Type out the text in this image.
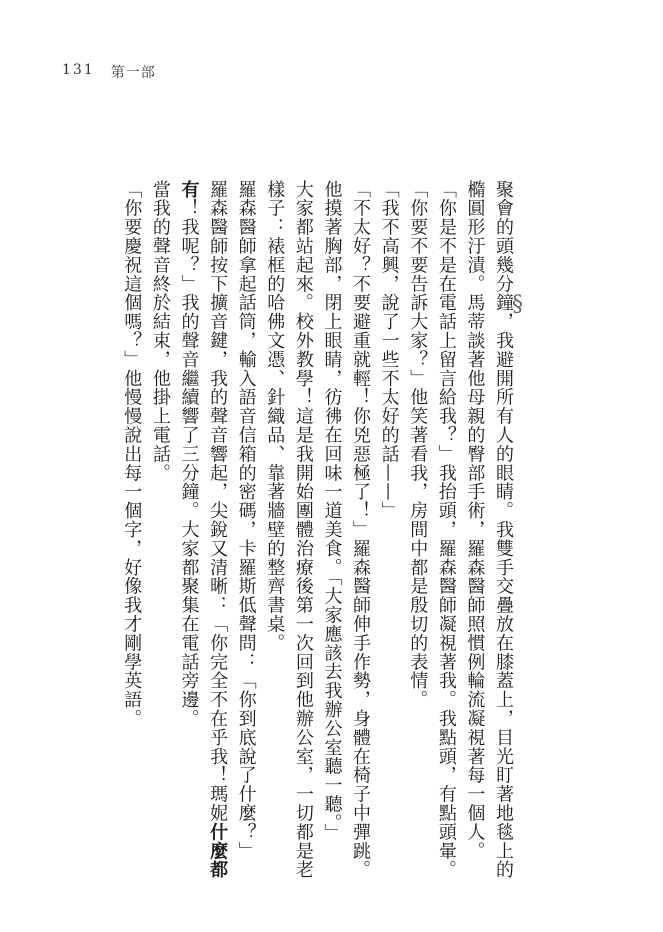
131 第一部
§

聚會的頭幾分鐘，我避開所有人的眼睛。我雙手交疊放在膝蓋上，目光盯著地毯上的

橢圓形汙漬。馬蒂談著他母親的臀部手術，羅森醫師照慣例輪流凝視著每一個人。

「你是不是在電話上留言給我？」我抬頭，羅森醫師凝視著我。我點頭，有點頭暈。

「你要不要告訴大家？」他笑著看我，房間中都是殷切的表情。

「我不高興，說了一些不太好的話——」

「不太好？不要避重就輕！你兇惡極了！」羅森醫師伸手作勢，身體在椅子中彈跳。

他摸著胸部，閉上眼睛，彷彿在回味一道美食。「大家應該去我辦公室聽一聽。」

大家都站起來。校外教學！這是我開始團體治療後第一次回到他辦公室，一切都是老

樣子：裱框的哈佛文憑、針織品、靠著牆壁的整齊書桌。

羅森醫師拿起話筒，輸入語音信箱的密碼，卡羅斯低聲問：「你到底說了什麼？」

羅森醫師按下擴音鍵，我的聲音響起，尖銳又清晰：「你完全不在乎我！瑪妮什麼都

有！我呢？」我的聲音繼續響了三分鐘。大家都聚集在電話旁邊。

當我的聲音終於結束，他掛上電話。

「你要慶祝這個嗎？」他慢慢說出每一個字，好像我才剛學英語。
